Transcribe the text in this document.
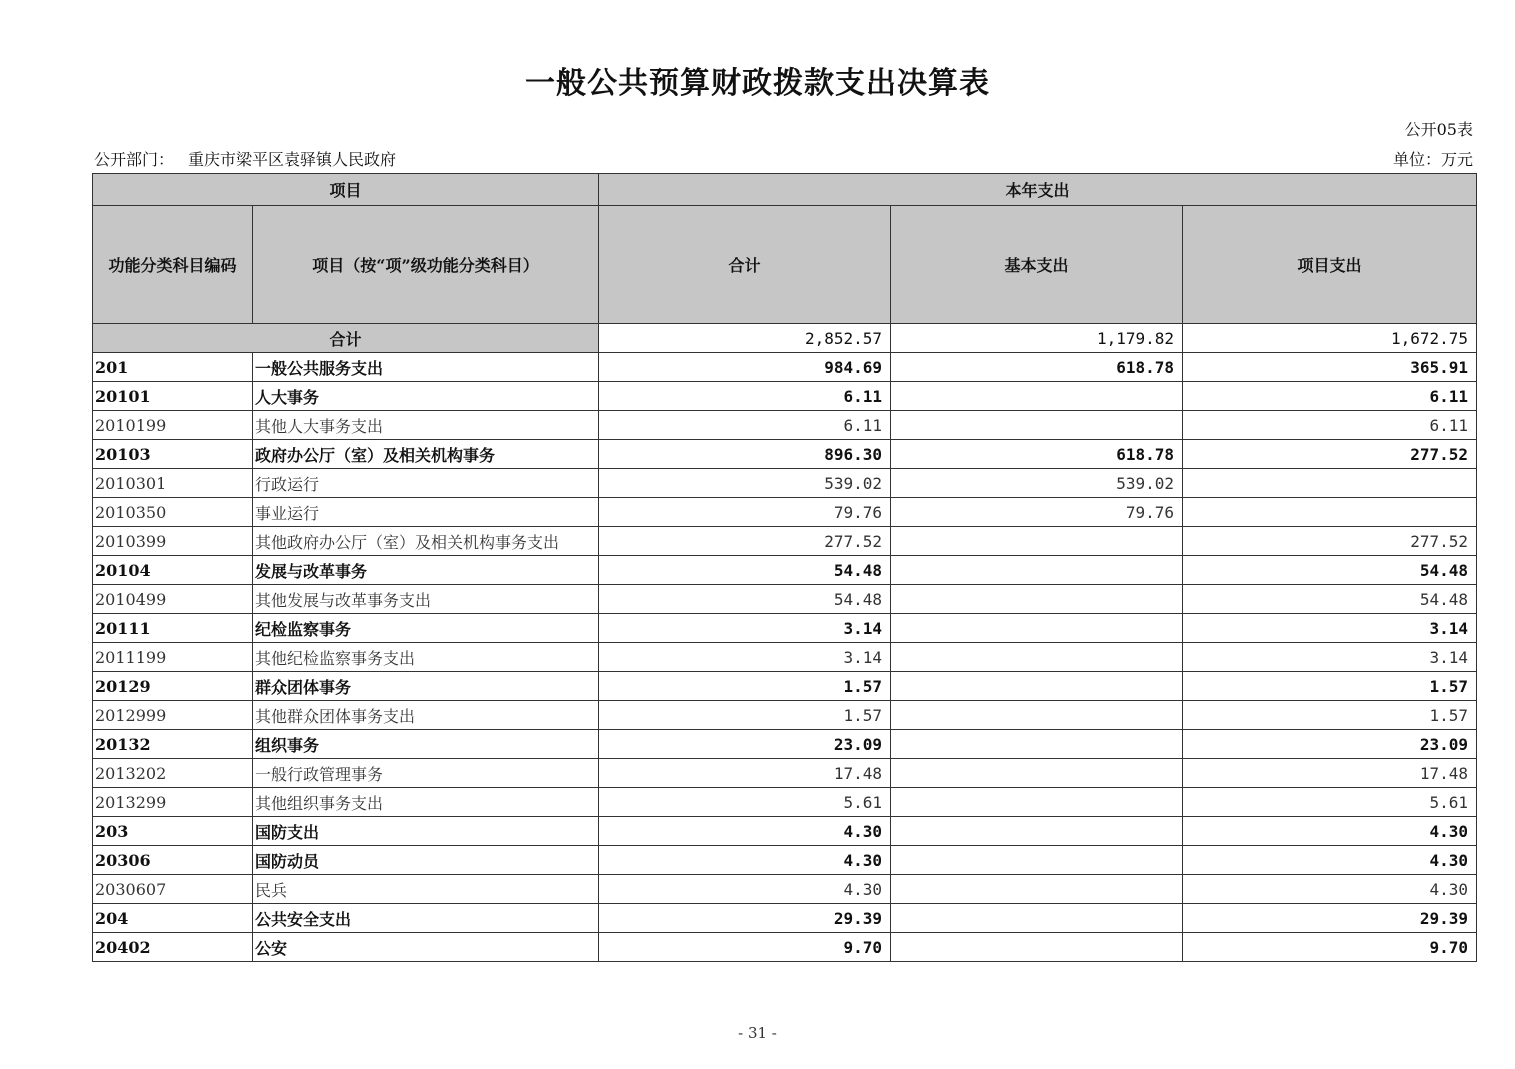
一般公共预算财政拨款支出决算表
公开05表
公开部门： 重庆市梁平区袁驿镇人民政府	单位：万元
项目		本年支出		
功能分类科目编码	项目（按“项”级功能分类科目）	合计	基本支出	项目支出
合计		2,852.57	1,179.82	1,672.75
201	一般公共服务支出	984.69	618.78	365.91
20101	人大事务	6.11		6.11
2010199	其他人大事务支出	6.11		6.11
20103	政府办公厅（室）及相关机构事务	896.30	618.78	277.52
2010301	行政运行	539.02	539.02	
2010350	事业运行	79.76	79.76	
2010399	其他政府办公厅（室）及相关机构事务支出	277.52		277.52
20104	发展与改革事务	54.48		54.48
2010499	其他发展与改革事务支出	54.48		54.48
20111	纪检监察事务	3.14		3.14
2011199	其他纪检监察事务支出	3.14		3.14
20129	群众团体事务	1.57		1.57
2012999	其他群众团体事务支出	1.57		1.57
20132	组织事务	23.09		23.09
2013202	一般行政管理事务	17.48		17.48
2013299	其他组织事务支出	5.61		5.61
203	国防支出	4.30		4.30
20306	国防动员	4.30		4.30
2030607	民兵	4.30		4.30
204	公共安全支出	29.39		29.39
20402	公安	9.70		9.70
- 31 -
